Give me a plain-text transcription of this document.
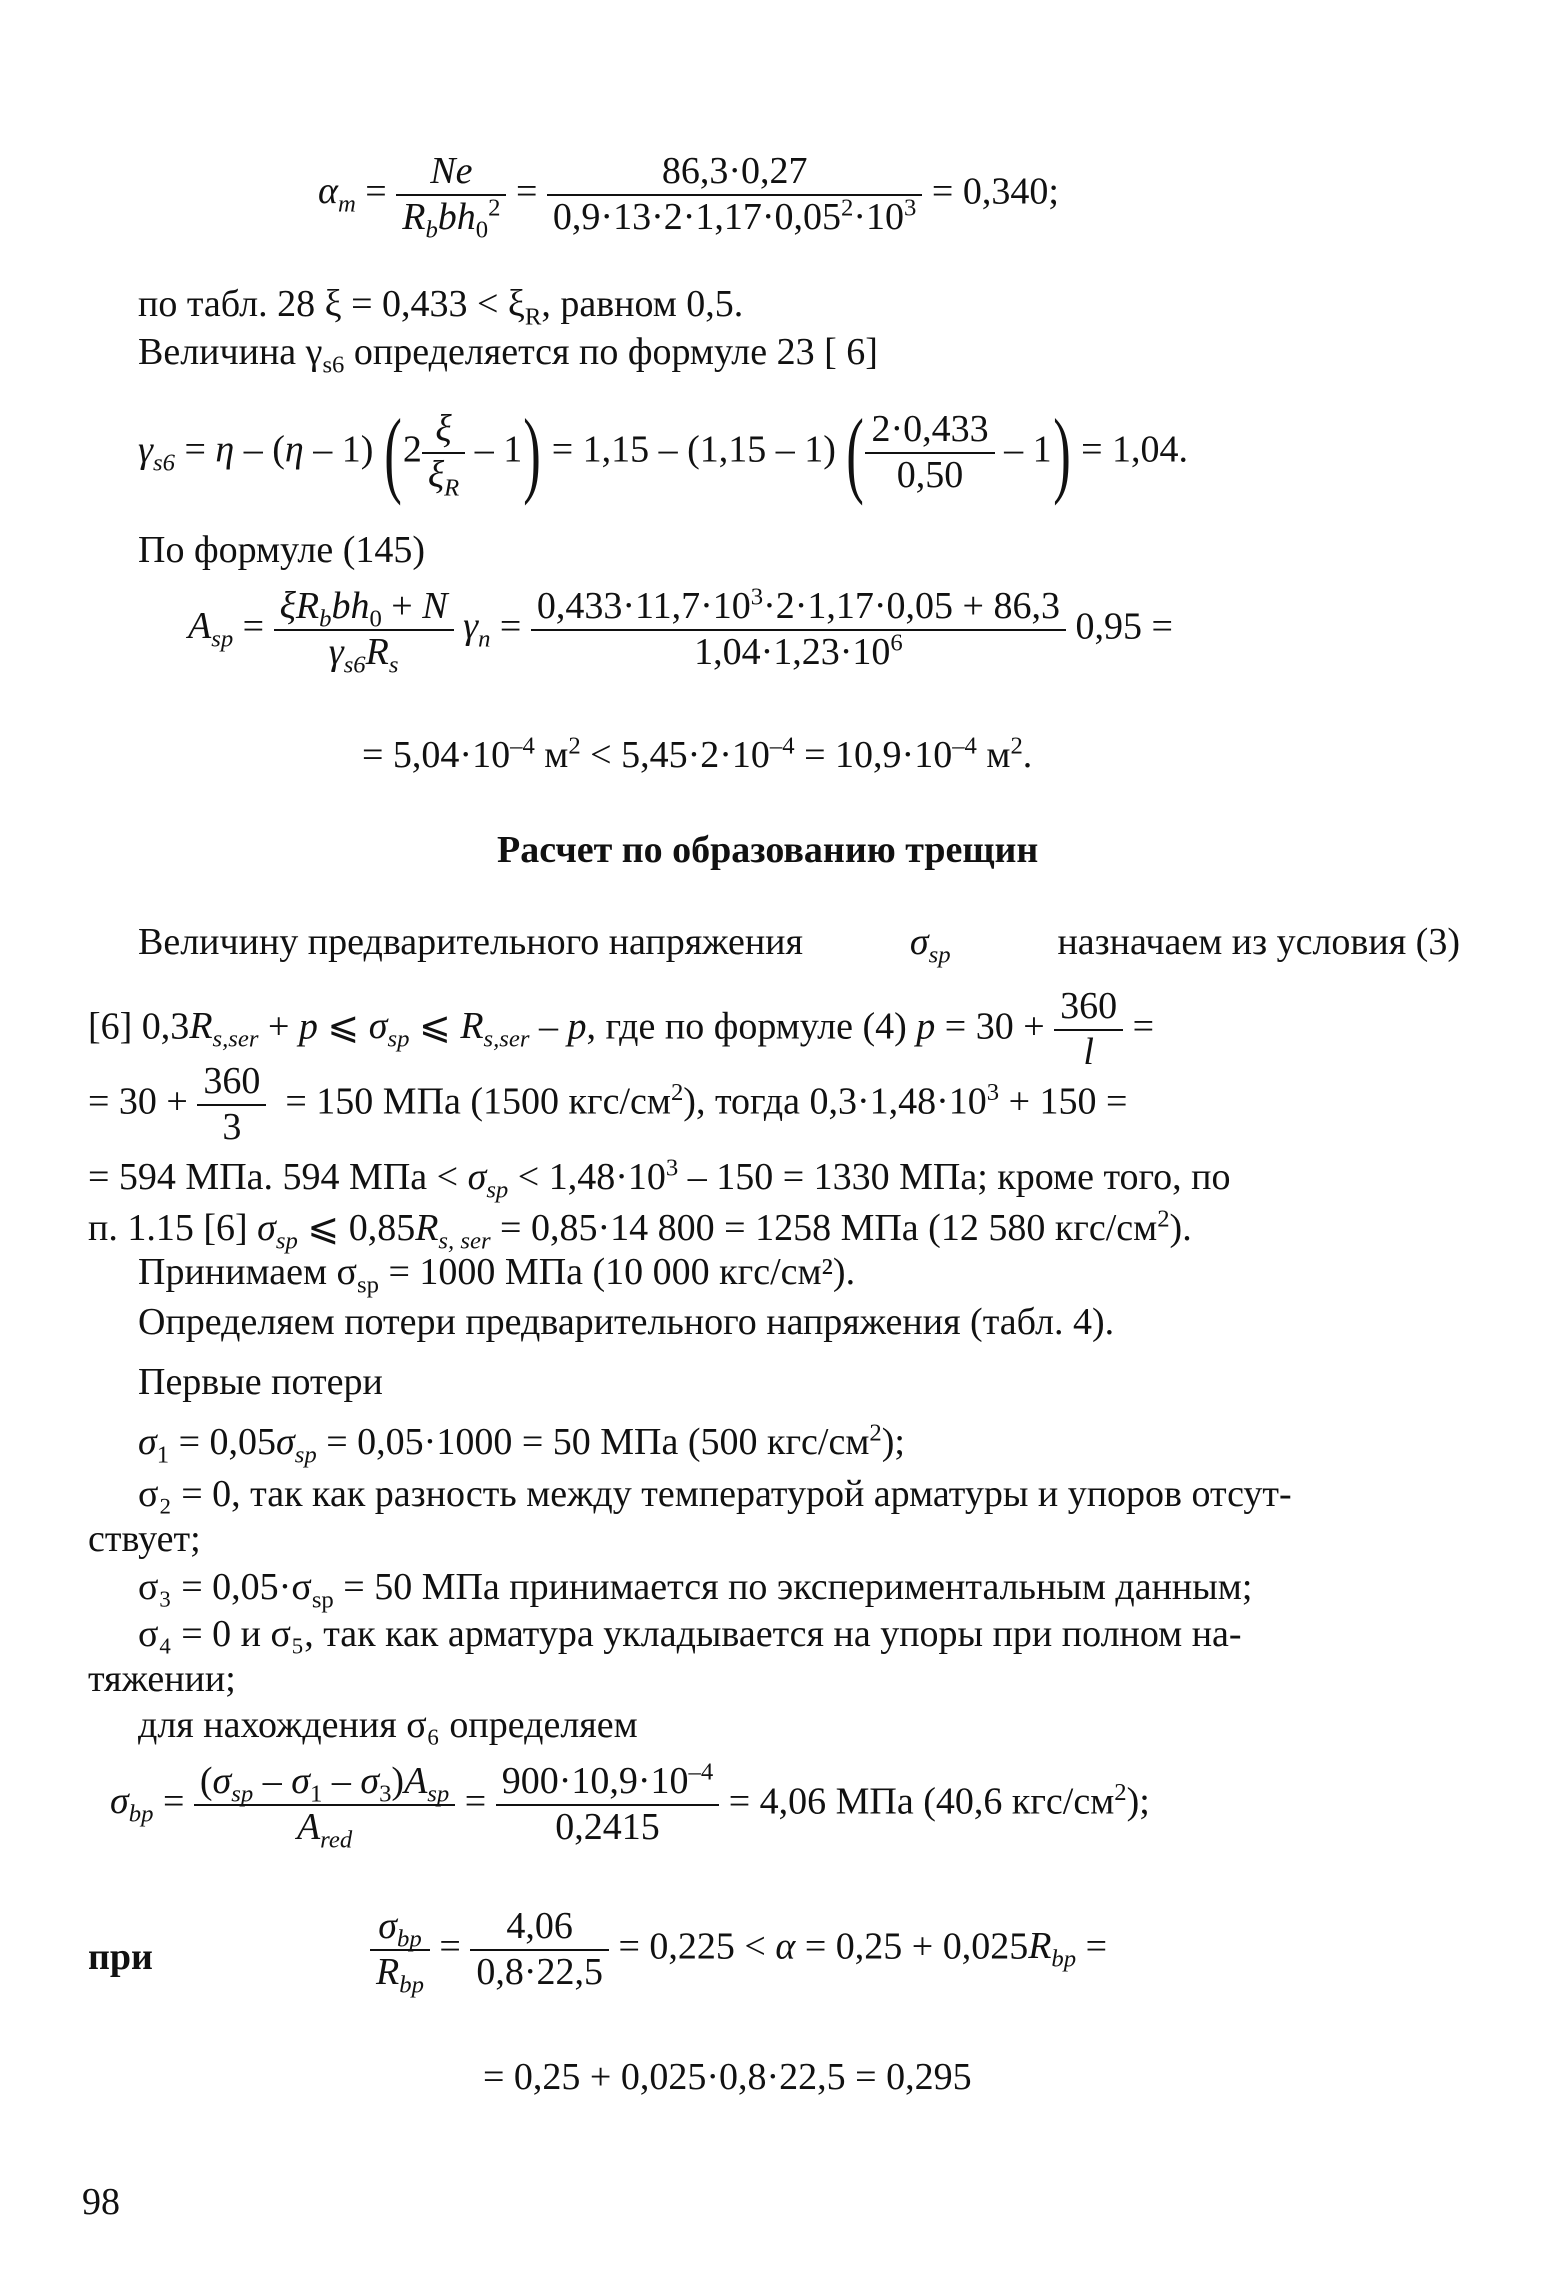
$\alpha_m = \frac{Ne}{R_bbh_0^2} = \frac{86,3\cdot 0,27}{0,9\cdot 13\cdot 2\cdot 1,17\cdot 0,05^2\cdot 10^3} = 0,340$;
по табл. 28 $\xi = 0,433 < \xi_R$, равном 0,5.
Величина $\gamma_{s6}$ определяется по формуле 23 [ 6]
$\gamma_{s6} = \eta - (\eta - 1)$ $(2 \frac{\xi}{\xi_R} - 1) = 1,15 - (1,15 - 1)$ ( $\frac{2\cdot 0,433}{0,50} - 1) = 1,04$.
По формуле (145)
$A_{sp} = \frac{\xi R_bbh_0 + N}{\gamma_{s6}R_s} \gamma_n = \frac{0,433\cdot 11,7\cdot 10^3\cdot 2\cdot 1,17\cdot 0,05 + 86,3}{1,04\cdot 1,23\cdot 10^6} 0,95$ =
= $5,04\cdot 10^{-4}$ $м^2 < 5,45\cdot 2\cdot 10^{-4} = 10,9\cdot 10^{-4}$ $м^2$.
Расчет по образованию трещин
Величину предварительного напряжения	$\sigma_{sp}$	назначаем из условия (3)
[6] $0,3R_{s,ser} + p$ ⩽ $\sigma_{sp}$ ⩽ $R_{s,ser}$ – p, где по формуле (4) $p = 30 + \frac{360}{l}$ =
= $30 + \frac{360}{3} = 150$ МПа (1500 кгс/$см^2$), тогда $0,3\cdot 1,48\cdot 10^3 + 150$ =
= 594 МПа. 594 МПа < $\sigma_{sp} < 1,48\cdot 10^3 - 150 = 1330$ МПа; кроме того, по
п. 1.15 [6] $\sigma_{sp}$ ⩽ $0,85R_{s, ser} = 0,85\cdot 14$ 800 = 1258 МПа (12 580 кгс/$см^2$).
Принимаем $\sigma_{sp} = 1000$ МПа (10 000 кгс/см²).
Определяем потери предварительного напряжения (табл. 4).
Первые потери
$\sigma_1 = 0,05\sigma_{sp} = 0,05\cdot 1000 = 50$ МПа (500 кгс/$см^2$);
σ₂ = 0, так как разность между температурой арматуры и упоров отсут-
ствует;
$\sigma_3 = 0,05\cdot\sigma_{sp} = 50$ МПа принимается по экспериментальным данным;
σ₄ = 0 и σ₅, так как арматура укладывается на упоры при полном на-
тяжении;
для нахождения σ₆ определяем
$\sigma_{bp} = \frac{(\sigma_{sp} - \sigma_1 - \sigma_3)A_{sp}}{A_{red}} = \frac{900\cdot 10,9\cdot 10^{-4}}{0,2415} = 4,06$ МПа (40,6 кгс/$см^2$);
при	$\frac{\sigma_{bp}}{R_{bp}} = \frac{4,06}{0,8\cdot 22,5} = 0,225 < \alpha = 0,25 + 0,025R_{bp}$ =
= 0,25 + 0,025·0,8·22,5 = 0,295
98
